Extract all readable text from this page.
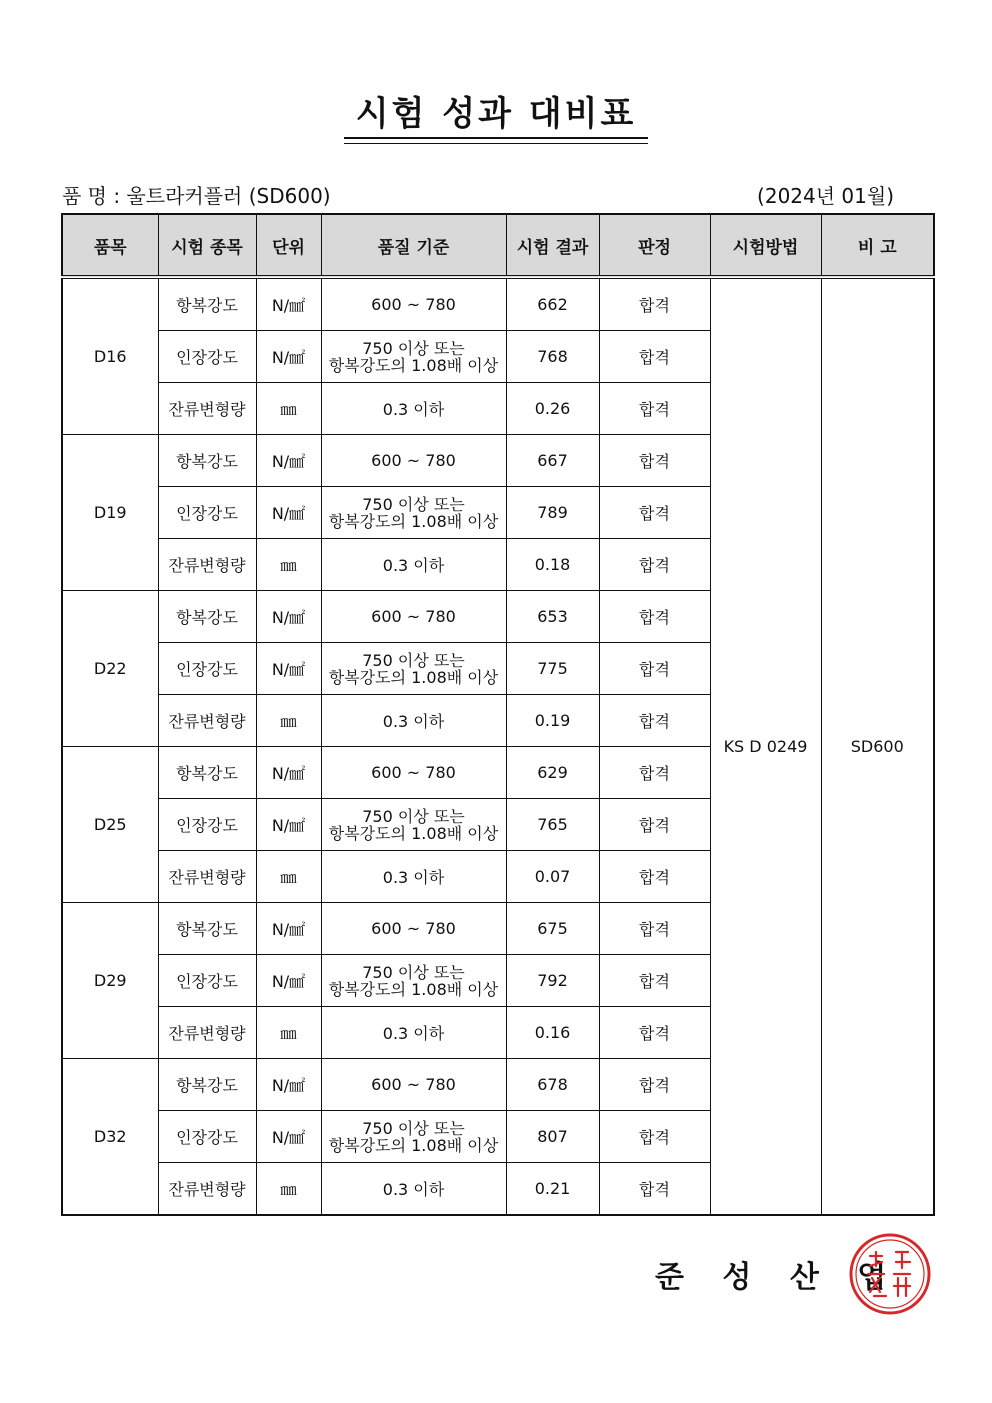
시험 성과 대비표
품 명 : 울트라커플러 (SD600)	(2024년 01월)
품목	시험 종목	단위	품질 기준	시험 결과	판정	시험방법	비 고
D16	항복강도	N/㎟	600 ~ 780	662	합격	KS D 0249	SD600
	인장강도	N/㎟	750 이상 또는
항복강도의 1.08배 이상	768	합격		
	잔류변형량	㎜	0.3 이하	0.26	합격		
D19	항복강도	N/㎟	600 ~ 780	667	합격		
	인장강도	N/㎟	750 이상 또는
항복강도의 1.08배 이상	789	합격		
	잔류변형량	㎜	0.3 이하	0.18	합격		
D22	항복강도	N/㎟	600 ~ 780	653	합격		
	인장강도	N/㎟	750 이상 또는
항복강도의 1.08배 이상	775	합격		
	잔류변형량	㎜	0.3 이하	0.19	합격		
D25	항복강도	N/㎟	600 ~ 780	629	합격		
	인장강도	N/㎟	750 이상 또는
항복강도의 1.08배 이상	765	합격		
	잔류변형량	㎜	0.3 이하	0.07	합격		
D29	항복강도	N/㎟	600 ~ 780	675	합격		
	인장강도	N/㎟	750 이상 또는
항복강도의 1.08배 이상	792	합격		
	잔류변형량	㎜	0.3 이하	0.16	합격		
D32	항복강도	N/㎟	600 ~ 780	678	합격		
	인장강도	N/㎟	750 이상 또는
항복강도의 1.08배 이상	807	합격		
	잔류변형량	㎜	0.3 이하	0.21	합격		
준 성 산 업
